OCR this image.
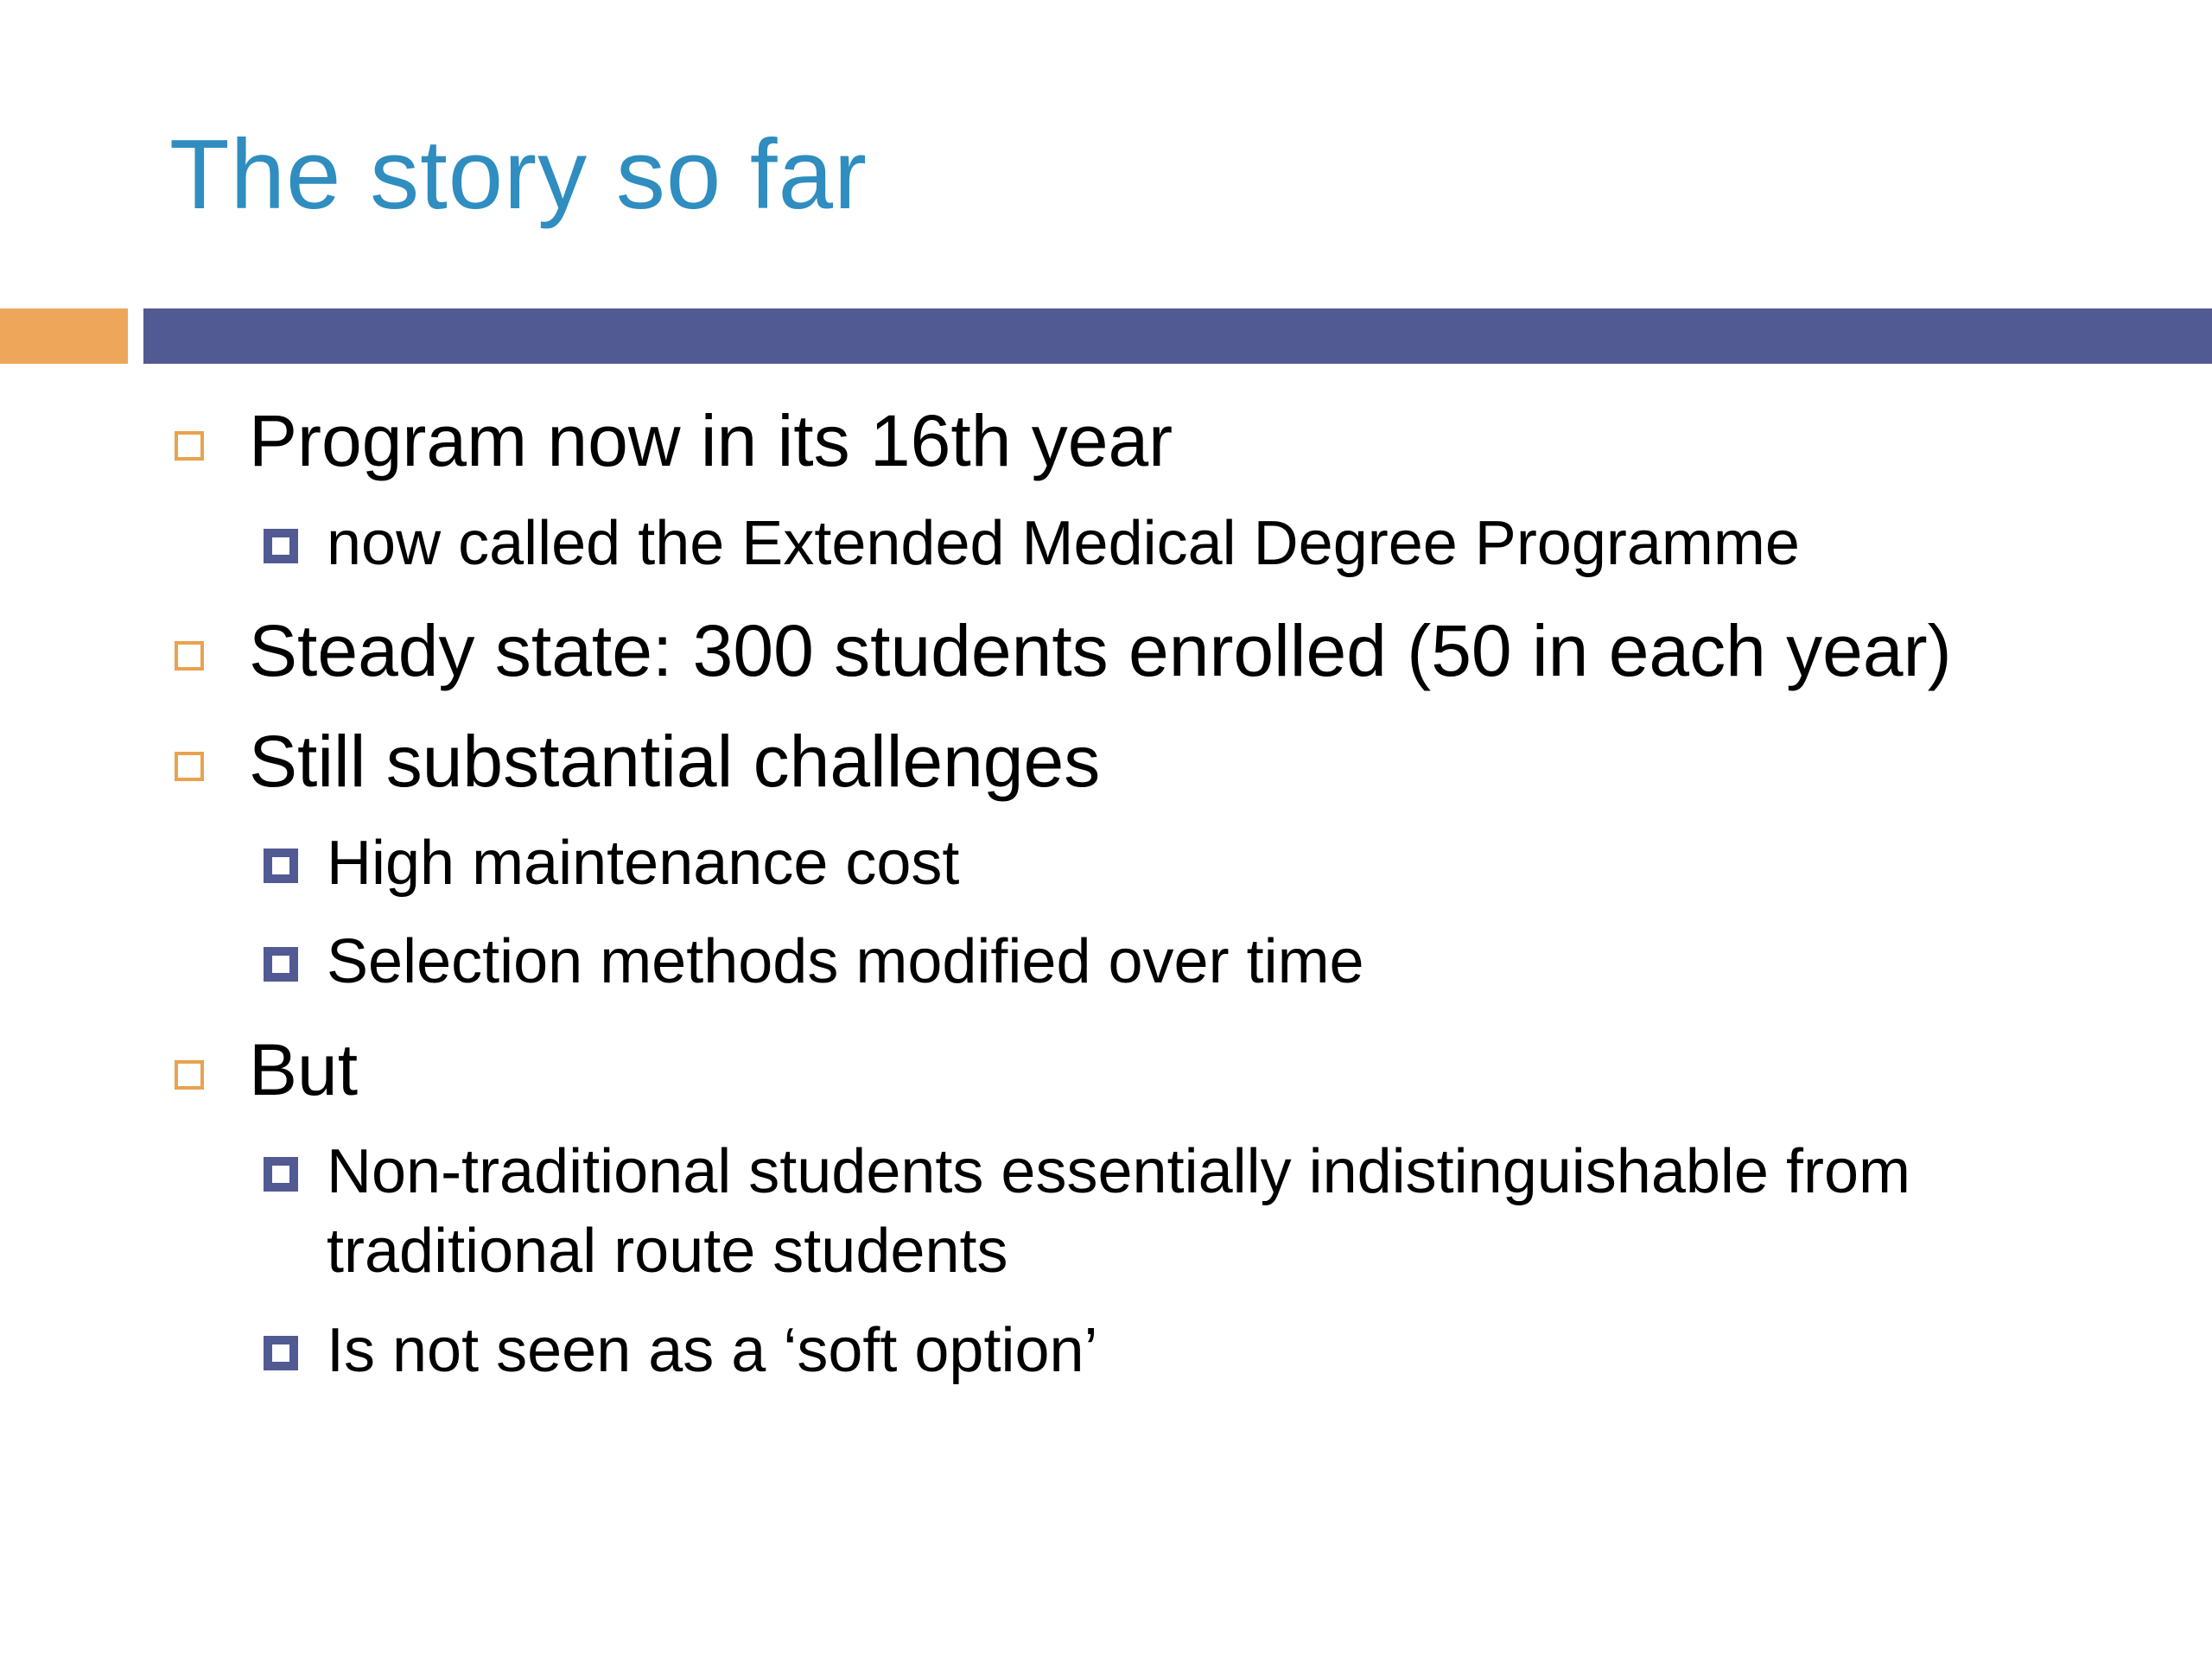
The story so far
Program now in its 16th year
now called the Extended Medical Degree Programme
Steady state: 300 students enrolled (50 in each year)
Still substantial challenges
High maintenance cost
Selection methods modified over time
But
Non-traditional students essentially indistinguishable from traditional route students
Is not seen as a ‘soft option’
